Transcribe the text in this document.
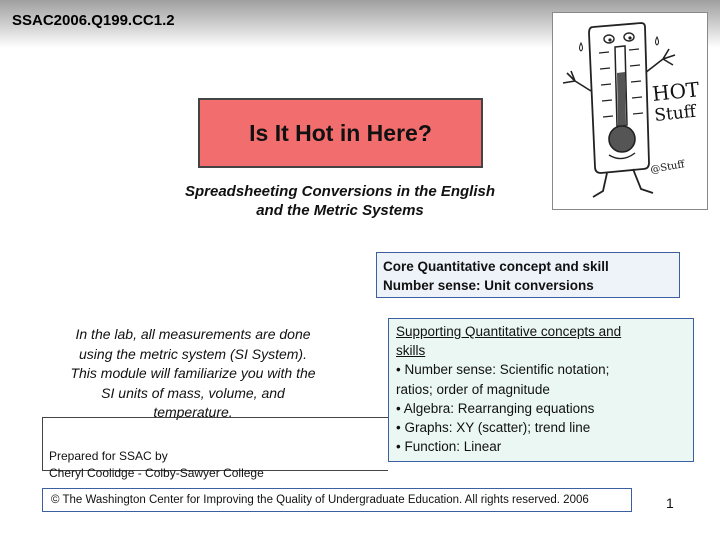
SSAC2006.Q199.CC1.2
HOT
Stuff
@Stuff
Is It Hot in Here?
Spreadsheeting Conversions in the English
and the Metric Systems
Core Quantitative concept and skill
Number sense: Unit conversions
In the lab, all measurements are done
using the metric system (SI System).
This module will familiarize you with the
SI units of mass, volume, and
temperature.
Prepared for SSAC by
Cheryl Coolidge - Colby-Sawyer College
Supporting Quantitative concepts and
skills
• Number sense: Scientific notation;
ratios; order of magnitude
• Algebra: Rearranging equations
• Graphs: XY (scatter); trend line
• Function: Linear
© The Washington Center for Improving the Quality of Undergraduate Education. All rights reserved. 2006	1
